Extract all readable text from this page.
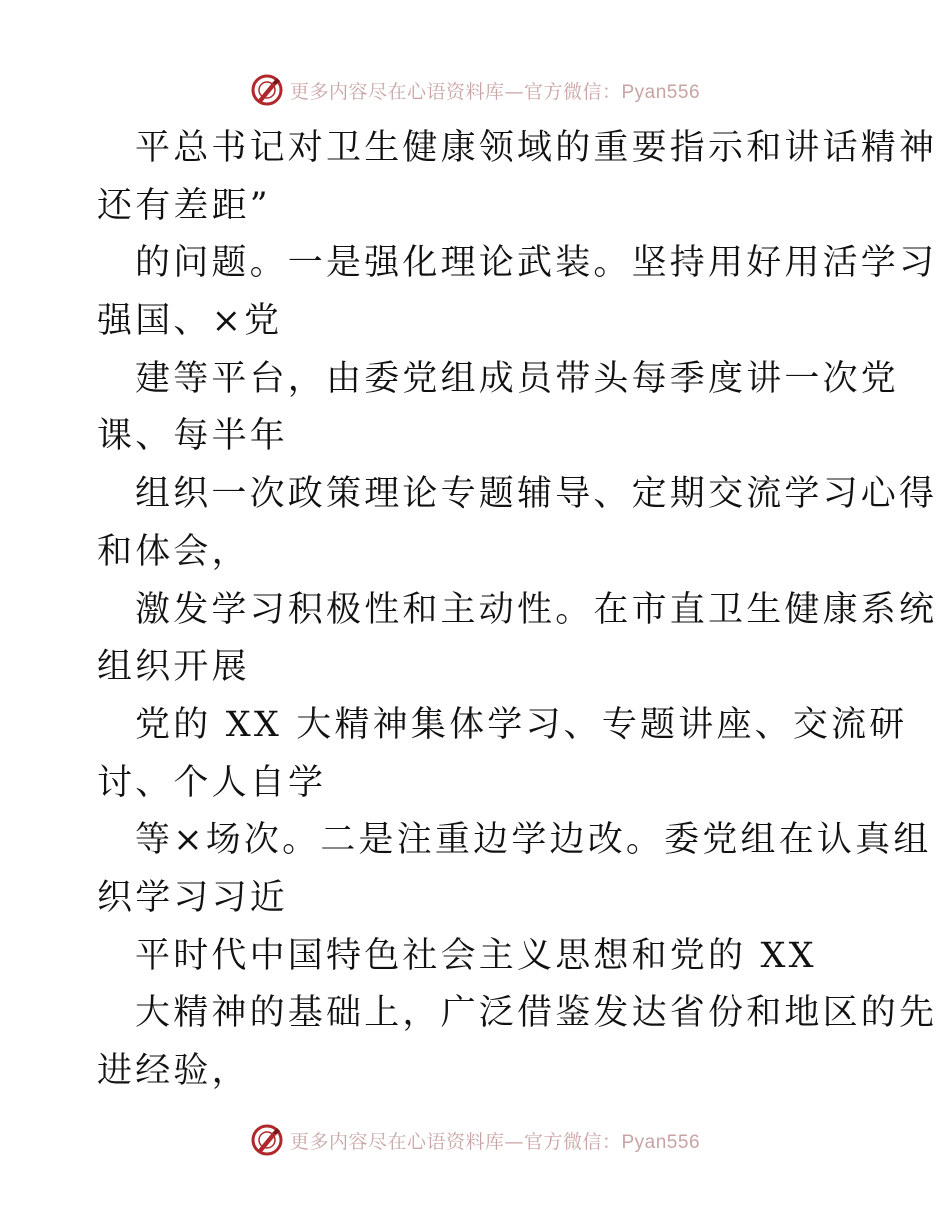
更多内容尽在心语资料库—官方微信：Pyan556
平总书记对卫生健康领域的重要指示和讲话精神
还有差距”
的问题。一是强化理论武装。坚持用好用活学习
强国、×党
建等平台，由委党组成员带头每季度讲一次党
课、每半年
组织一次政策理论专题辅导、定期交流学习心得
和体会，
激发学习积极性和主动性。在市直卫生健康系统
组织开展
党的 XX 大精神集体学习、专题讲座、交流研
讨、个人自学
等×场次。二是注重边学边改。委党组在认真组
织学习习近
平时代中国特色社会主义思想和党的 XX
大精神的基础上，广泛借鉴发达省份和地区的先
进经验，
更多内容尽在心语资料库—官方微信：Pyan556
